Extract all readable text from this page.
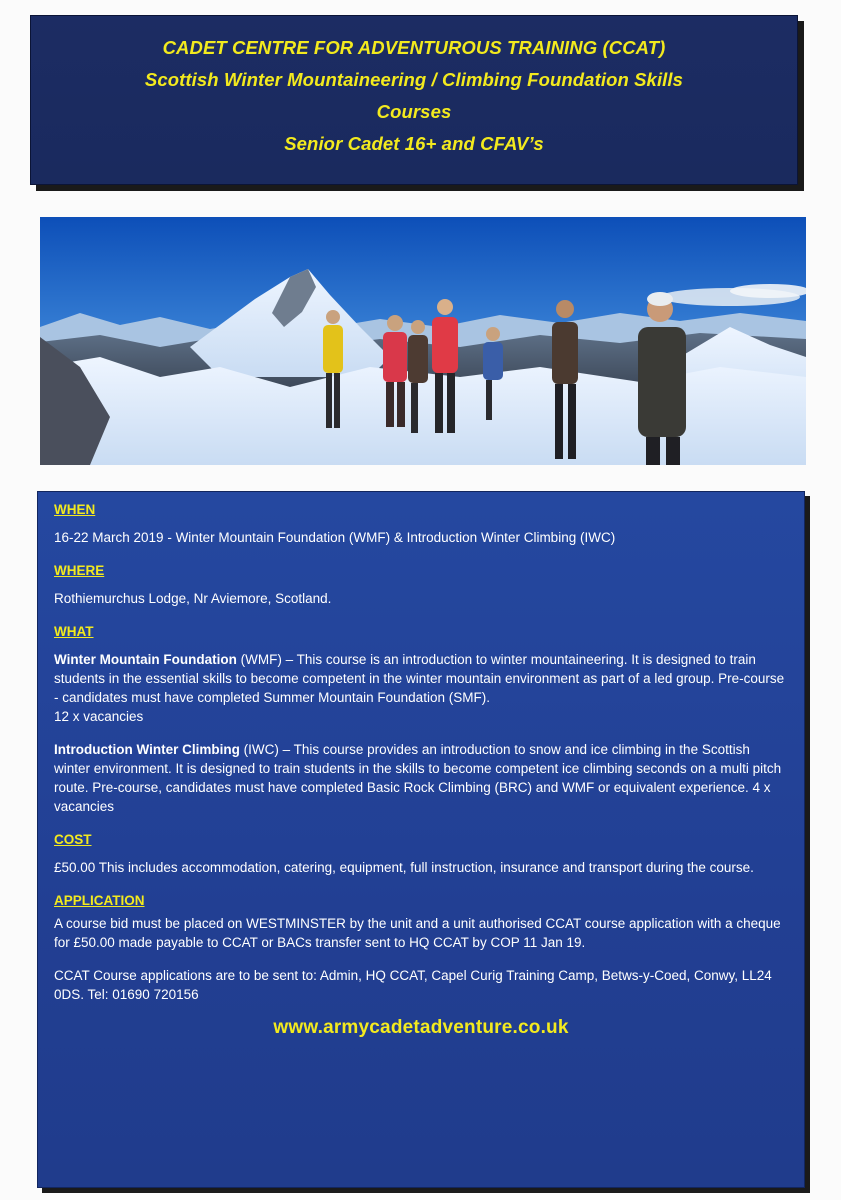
CADET CENTRE FOR ADVENTUROUS TRAINING (CCAT)
Scottish Winter Mountaineering / Climbing Foundation Skills
Courses
Senior Cadet 16+ and CFAV’s
WHEN
16-22 March 2019 - Winter Mountain Foundation (WMF) & Introduction Winter Climbing (IWC)
WHERE
Rothiemurchus Lodge, Nr Aviemore, Scotland.
WHAT
Winter Mountain Foundation (WMF) – This course is an introduction to winter mountaineering. It is designed to train students in the essential skills to become competent in the winter mountain environment as part of a led group. Pre-course - candidates must have completed Summer Mountain Foundation (SMF).
12 x vacancies
Introduction Winter Climbing (IWC) – This course provides an introduction to snow and ice climbing in the Scottish winter environment. It is designed to train students in the skills to become competent ice climbing seconds on a multi pitch route. Pre-course, candidates must have completed Basic Rock Climbing (BRC) and WMF or equivalent experience. 4 x vacancies
COST
£50.00 This includes accommodation, catering, equipment, full instruction, insurance and transport during the course.
APPLICATION
A course bid must be placed on WESTMINSTER by the unit and a unit authorised CCAT course application with a cheque for £50.00 made payable to CCAT or BACs transfer sent to HQ CCAT by COP 11 Jan 19.
CCAT Course applications are to be sent to: Admin, HQ CCAT, Capel Curig Training Camp, Betws-y-Coed, Conwy, LL24 0DS. Tel: 01690 720156
www.armycadetadventure.co.uk
